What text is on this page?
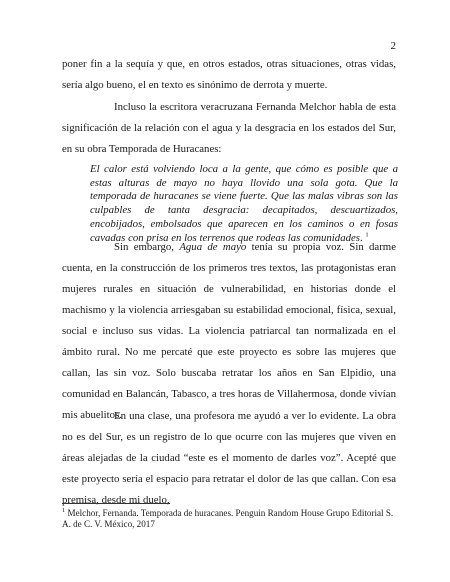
2

poner fin a la sequía y que, en otros estados, otras situaciones, otras vidas, sería algo bueno, el en texto es sinónimo de derrota y muerte.

Incluso la escritora veracruzana Fernanda Melchor habla de esta significación de la relación con el agua y la desgracia en los estados del Sur, en su obra Temporada de Huracanes:

El calor está volviendo loca a la gente, que cómo es posible que a estas alturas de mayo no haya llovido una sola gota. Que la temporada de huracanes se viene fuerte. Que las malas vibras son las culpables de tanta desgracia: decapitados, descuartizados, encobijados, embolsados que aparecen en los caminos o en fosas cavadas con prisa en los terrenos que rodeas las comunidades. $^1$

Sin embargo, Agua de mayo tenía su propia voz. Sin darme cuenta, en la construcción de los primeros tres textos, las protagonistas eran mujeres rurales en situación de vulnerabilidad, en historias donde el machismo y la violencia arriesgaban su estabilidad emocional, física, sexual, social e incluso sus vidas. La violencia patriarcal tan normalizada en el ámbito rural. No me percaté que este proyecto es sobre las mujeres que callan, las sin voz. Solo buscaba retratar los años en San Elpidio, una comunidad en Balancán, Tabasco, a tres horas de Villahermosa, donde vivían mis abuelitos.

En una clase, una profesora me ayudó a ver lo evidente. La obra no es del Sur, es un registro de lo que ocurre con las mujeres que viven en áreas alejadas de la ciudad “este es el momento de darles voz”. Acepté que este proyecto sería el espacio para retratar el dolor de las que callan. Con esa premisa, desde mi duelo,

$^1$ Melchor, Fernanda. Temporada de huracanes. Penguin Random House Grupo Editorial S. A. de C. V. México, 2017
